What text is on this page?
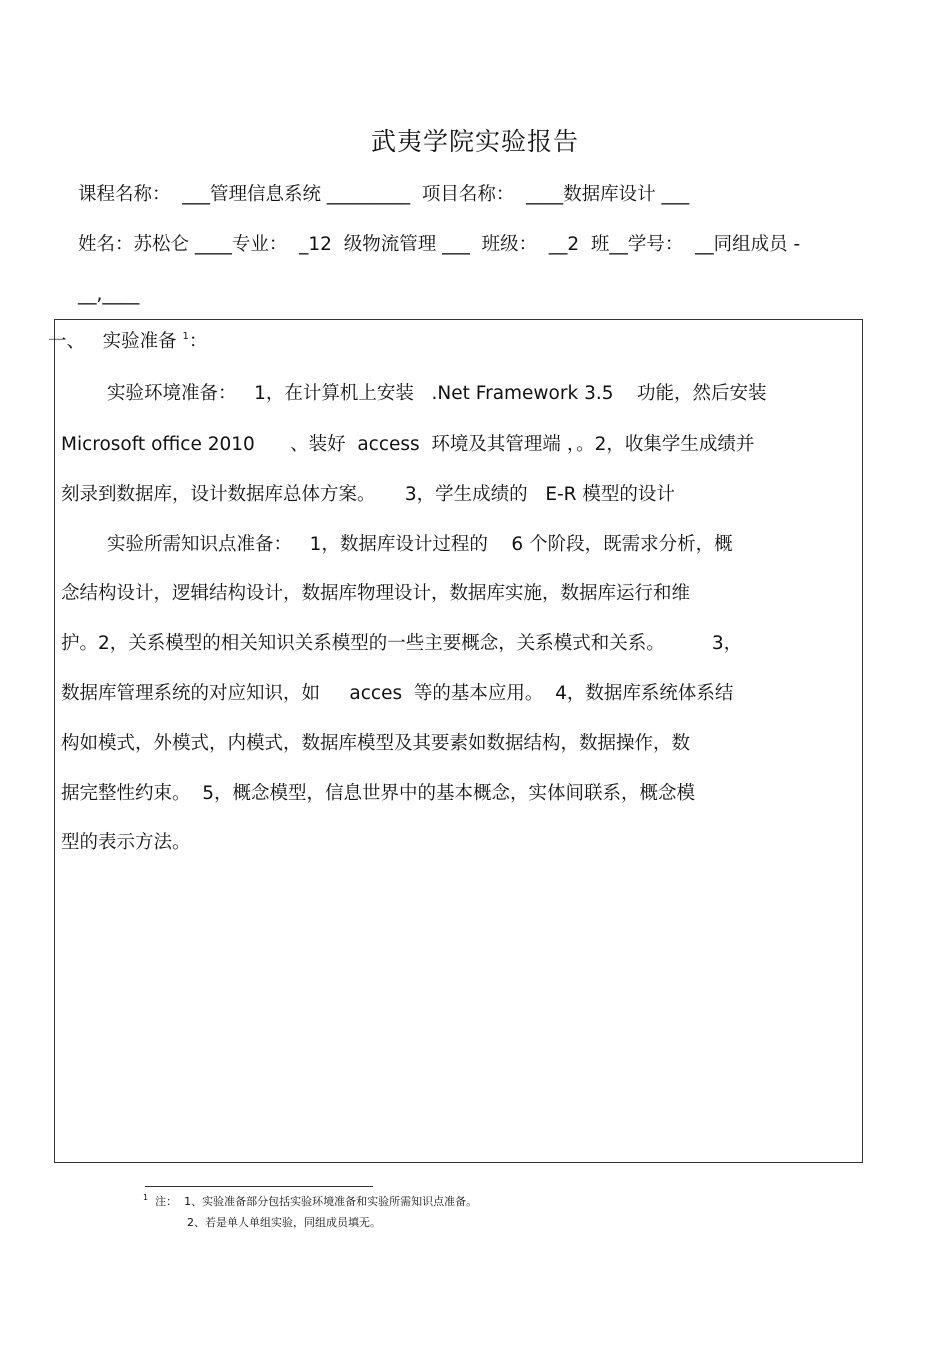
武夷学院实验报告
课程名称：  ___管理信息系统 _________  项目名称：  ____数据库设计 ___
姓名：苏松仑 ____专业：  _12  级物流管理 ___  班级：  __2  班__学号：  __同组成员 -
__,____
一、   实验准备 $^1$：
实验环境准备：   1，在计算机上安装   .Net Framework 3.5    功能，然后安装
Microsoft office 2010      、装好  access  环境及其管理端 ，。2，收集学生成绩并
刻录到数据库，设计数据库总体方案。     3，学生成绩的   E-R 模型的设计
实验所需知识点准备：   1，数据库设计过程的    6 个阶段，既需求分析，概
念结构设计，逻辑结构设计，数据库物理设计，数据库实施，数据库运行和维
护。2，关系模型的相关知识关系模型的一些主要概念，关系模式和关系。        3，
数据库管理系统的对应知识，如     acces  等的基本应用。  4，数据库系统体系结
构如模式，外模式，内模式，数据库模型及其要素如数据结构，数据操作，数
据完整性约束。  5，概念模型，信息世界中的基本概念，实体间联系，概念模
型的表示方法。
$^1$ 注：  1、实验准备部分包括实验环境准备和实验所需知识点准备。
2、若是单人单组实验，同组成员填无。
